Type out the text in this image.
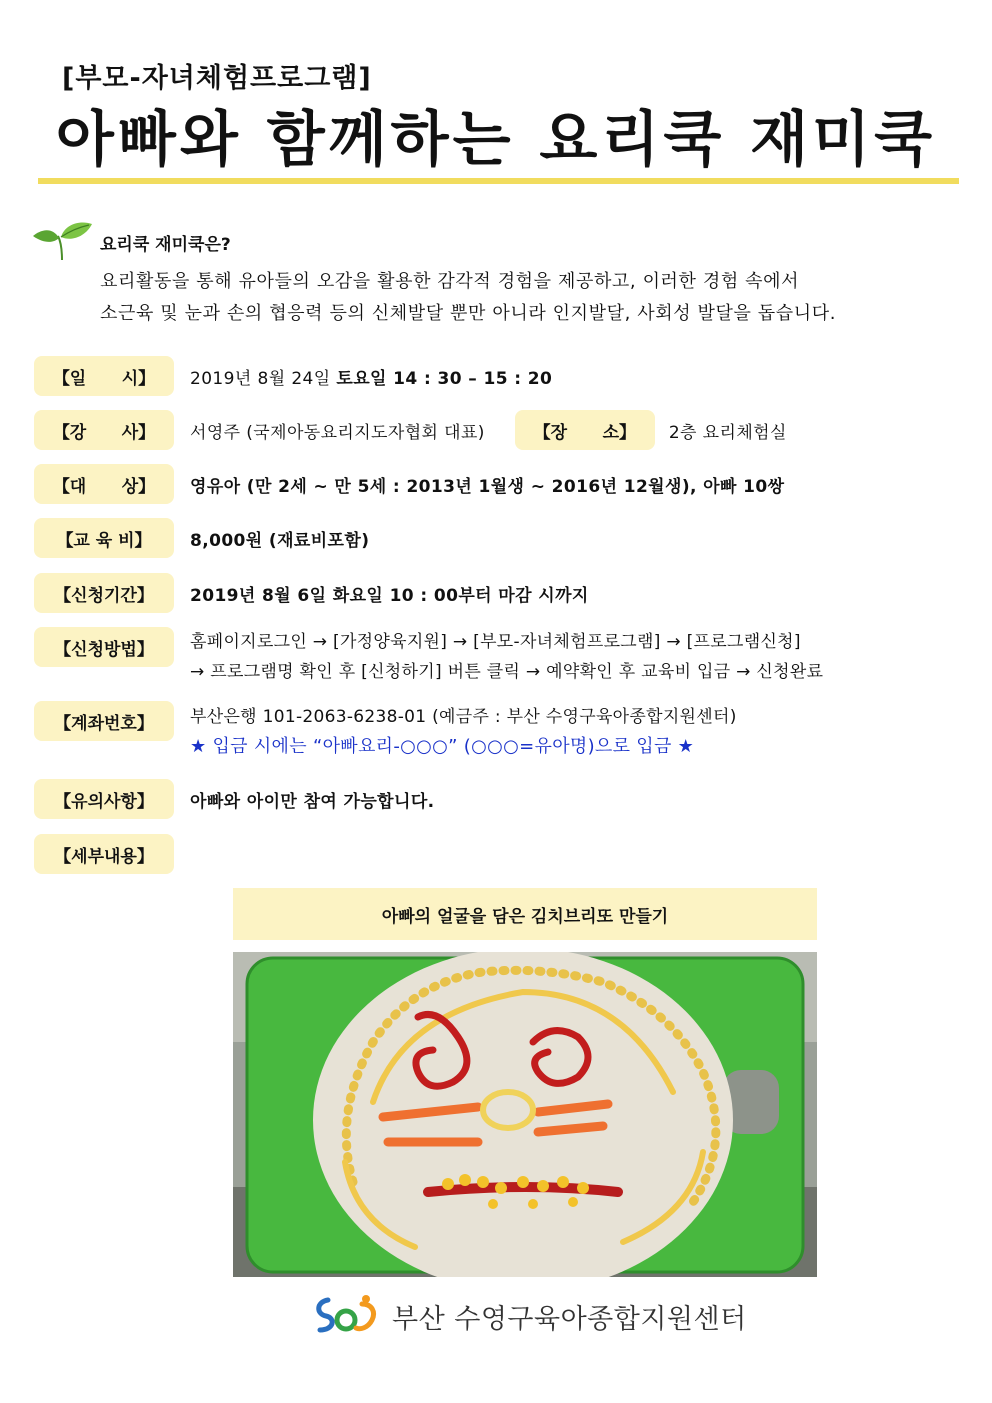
[부모-자녀체험프로그램]

아빠와 함께하는 요리쿡 재미쿡

요리쿡 재미쿡은?

요리활동을 통해 유아들의 오감을 활용한 감각적 경험을 제공하고, 이러한 경험 속에서
소근육 및 눈과 손의 협응력 등의 신체발달 뿐만 아니라 인지발달, 사회성 발달을 돕습니다.
【일      시】	2019년 8월 24일 토요일 14 : 30 – 15 : 20
【강      사】	서영주 (국제아동요리지도자협회 대표)	【장      소】	2층 요리체험실
【대      상】	영유아 (만 2세 ~ 만 5세 : 2013년 1월생 ~ 2016년 12월생), 아빠 10쌍
【교 육 비】	8,000원 (재료비포함)
【신청기간】	2019년 8월 6일 화요일 10 : 00부터 마감 시까지
【신청방법】	홈페이지로그인 → [가정양육지원] → [부모-자녀체험프로그램] → [프로그램신청]
→ 프로그램명 확인 후 [신청하기] 버튼 클릭 → 예약확인 후 교육비 입금 → 신청완료
【계좌번호】	부산은행 101-2063-6238-01 (예금주 : 부산 수영구육아종합지원센터)
★ 입금 시에는 “아빠요리-○○○” (○○○=유아명)으로 입금 ★
【유의사항】	아빠와 아이만 참여 가능합니다.
【세부내용】
아빠의 얼굴을 담은 김치브리또 만들기

부산 수영구육아종합지원센터
